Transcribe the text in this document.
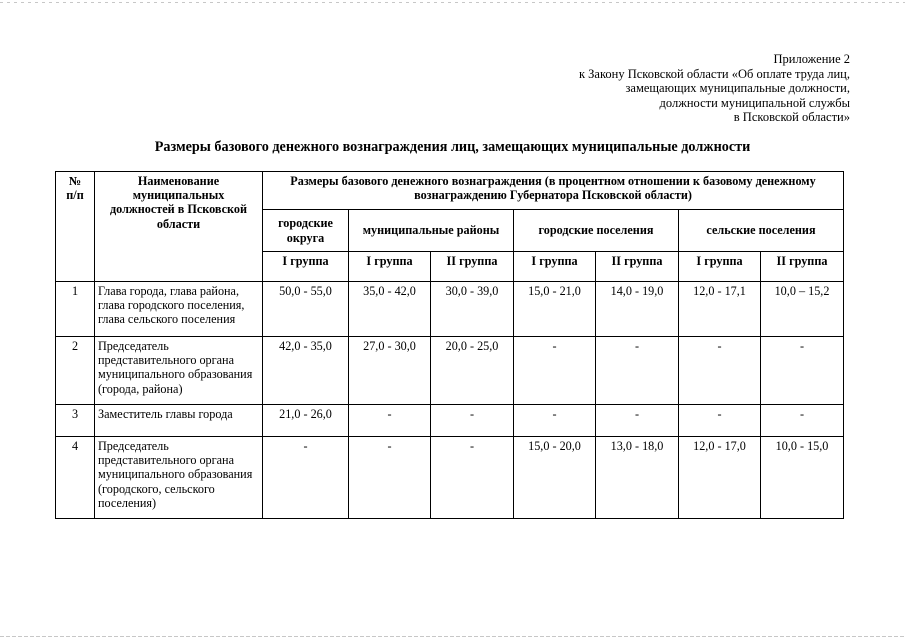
Приложение 2
к Закону Псковской области «Об оплате труда лиц,
замещающих муниципальные должности,
должности муниципальной службы
в Псковской области»
Размеры базового денежного вознаграждения лиц, замещающих муниципальные должности
№
п/п	Наименование
муниципальных
должностей в Псковской
области	Размеры базового денежного вознаграждения (в процентном отношении к базовому денежному вознаграждению Губернатора Псковской области)						
		городские округа	муниципальные районы		городские поселения		сельские поселения	
		I группа	I группа	II группа	I группа	II группа	I группа	II группа
1	Глава города, глава района, глава городского поселения, глава сельского поселения	50,0 - 55,0	35,0 - 42,0	30,0 - 39,0	15,0 - 21,0	14,0 - 19,0	12,0 - 17,1	10,0 – 15,2
2	Председатель представительного органа муниципального образования (города, района)	42,0 - 35,0	27,0 - 30,0	20,0 - 25,0	-	-	-	-
3	Заместитель главы города	21,0 - 26,0	-	-	-	-	-	-
4	Председатель представительного органа муниципального образования (городского, сельского поселения)	-	-	-	15,0 - 20,0	13,0 - 18,0	12,0 - 17,0	10,0 - 15,0
